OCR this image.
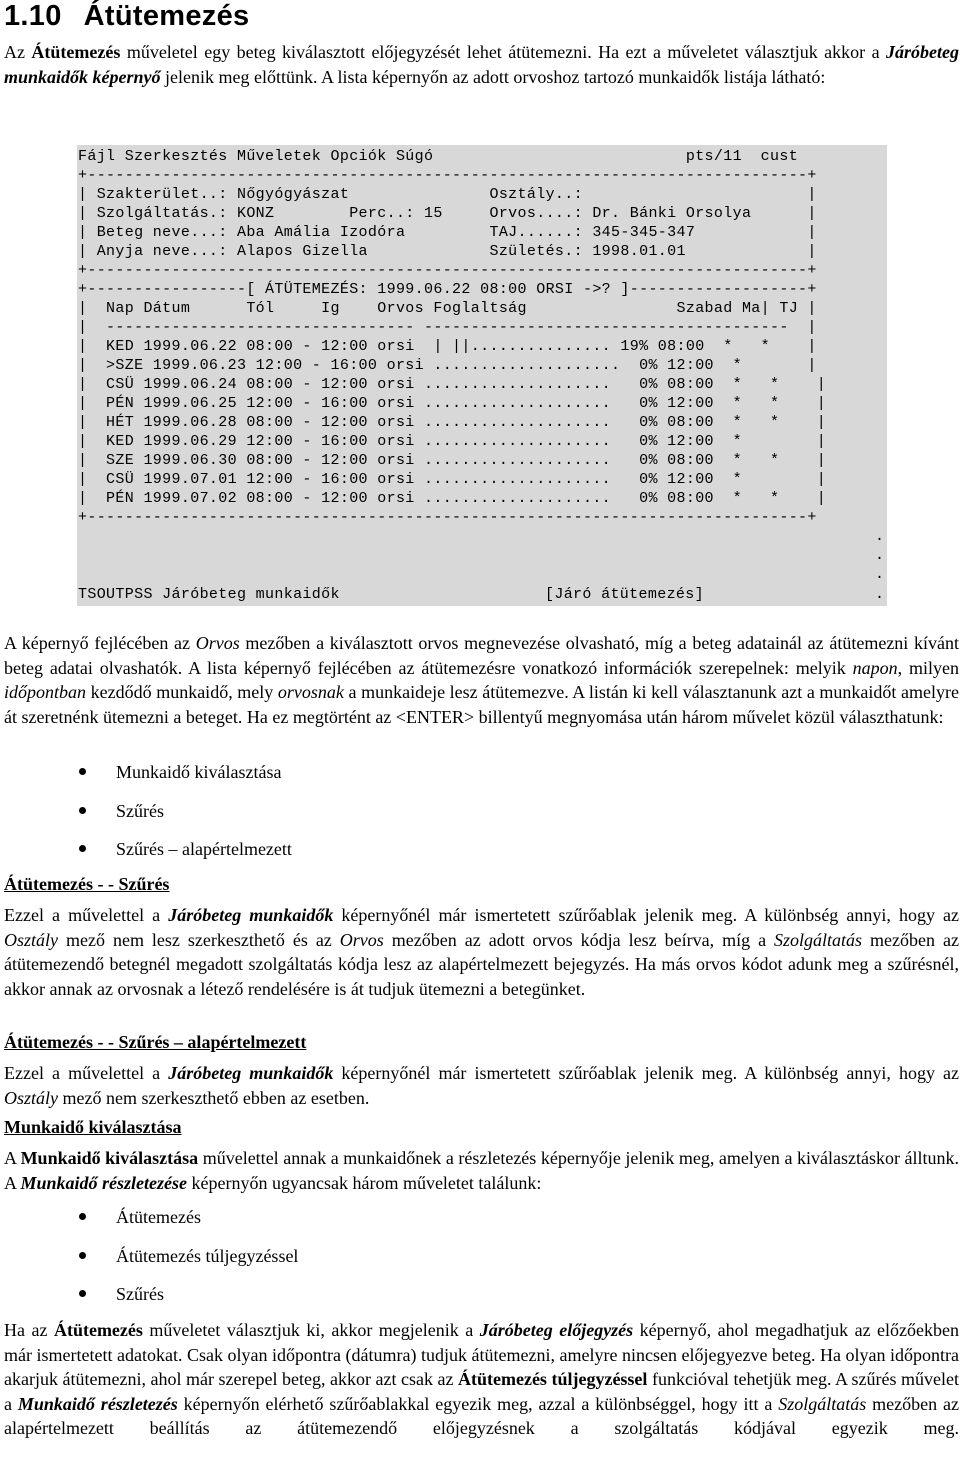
1.10 Átütemezés

Az Átütemezés műveletel egy beteg kiválasztott előjegyzését lehet átütemezni. Ha ezt a műveletet választjuk akkor a Járóbeteg munkaidők képernyő jelenik meg előttünk. A lista képernyőn az adott orvoshoz tartozó munkaidők listája látható:

Fájl Szerkesztés Műveletek Opciók Súgó                           pts/11  cust
+-----------------------------------------------------------------------------+
| Szakterület..: Nőgyógyászat               Osztály..:                        |
| Szolgáltatás.: KONZ        Perc..: 15     Orvos....: Dr. Bánki Orsolya      |
| Beteg neve...: Aba Amália Izodóra         TAJ......: 345-345-347            |
| Anyja neve...: Alapos Gizella             Születés.: 1998.01.01             |
+-----------------------------------------------------------------------------+
+-----------------[ ÁTÜTEMEZÉS: 1999.06.22 08:00 ORSI ->? ]-------------------+
|  Nap Dátum      Tól     Ig    Orvos Foglaltság                Szabad Ma| TJ |
|  --------------------------------- ---------------------------------------  |
|  KED 1999.06.22 08:00 - 12:00 orsi  | ||............... 19% 08:00  *   *    |
|  >SZE 1999.06.23 12:00 - 16:00 orsi ....................  0% 12:00  *       |
|  CSÜ 1999.06.24 08:00 - 12:00 orsi ....................   0% 08:00  *   *    |
|  PÉN 1999.06.25 12:00 - 16:00 orsi ....................   0% 12:00  *   *    |
|  HÉT 1999.06.28 08:00 - 12:00 orsi ....................   0% 08:00  *   *    |
|  KED 1999.06.29 12:00 - 16:00 orsi ....................   0% 12:00  *        |
|  SZE 1999.06.30 08:00 - 12:00 orsi ....................   0% 08:00  *   *    |
|  CSÜ 1999.07.01 12:00 - 16:00 orsi ....................   0% 12:00  *        |
|  PÉN 1999.07.02 08:00 - 12:00 orsi ....................   0% 08:00  *   *    |
+-----------------------------------------------------------------------------+
.
.
.
TSOUTPSS Járóbeteg munkaidők	[Járó átütemezés]	.

A képernyő fejlécében az Orvos mezőben a kiválasztott orvos megnevezése olvasható, míg a beteg adatainál az átütemezni kívánt beteg adatai olvashatók. A lista képernyő fejlécében az átütemezésre vonatkozó információk szerepelnek: melyik napon, milyen időpontban kezdődő munkaidő, mely orvosnak a munkaideje lesz átütemezve. A listán ki kell választanunk azt a munkaidőt amelyre át szeretnénk ütemezni a beteget. Ha ez megtörtént az <ENTER> billentyű megnyomása után három művelet közül választhatunk:

Munkaidő kiválasztása
Szűrés
Szűrés – alapértelmezett

Átütemezés - - Szűrés

Ezzel a művelettel a Járóbeteg munkaidők képernyőnél már ismertetett szűrőablak jelenik meg. A különbség annyi, hogy az Osztály mező nem lesz szerkeszthető és az Orvos mezőben az adott orvos kódja lesz beírva, míg a Szolgáltatás mezőben az átütemezendő betegnél megadott szolgáltatás kódja lesz az alapértelmezett bejegyzés. Ha más orvos kódot adunk meg a szűrésnél, akkor annak az orvosnak a létező rendelésére is át tudjuk ütemezni a betegünket.

Átütemezés - - Szűrés – alapértelmezett

Ezzel a művelettel a Járóbeteg munkaidők képernyőnél már ismertetett szűrőablak jelenik meg. A különbség annyi, hogy az Osztály mező nem szerkeszthető ebben az esetben.

Munkaidő kiválasztása

A Munkaidő kiválasztása művelettel annak a munkaidőnek a részletezés képernyője jelenik meg, amelyen a kiválasztáskor álltunk. A Munkaidő részletezése képernyőn ugyancsak három műveletet találunk:

Átütemezés
Átütemezés túljegyzéssel
Szűrés

Ha az Átütemezés műveletet választjuk ki, akkor megjelenik a Járóbeteg előjegyzés képernyő, ahol megadhatjuk az előzőekben már ismertetett adatokat. Csak olyan időpontra (dátumra) tudjuk átütemezni, amelyre nincsen előjegyezve beteg. Ha olyan időpontra akarjuk átütemezni, ahol már szerepel beteg, akkor azt csak az Átütemezés túljegyzéssel funkcióval tehetjük meg. A szűrés művelet a Munkaidő részletezés képernyőn elérhető szűrőablakkal egyezik meg, azzal a különbséggel, hogy itt a Szolgáltatás mezőben az alapértelmezett beállítás az átütemezendő előjegyzésnek a szolgáltatás kódjával egyezik meg.
